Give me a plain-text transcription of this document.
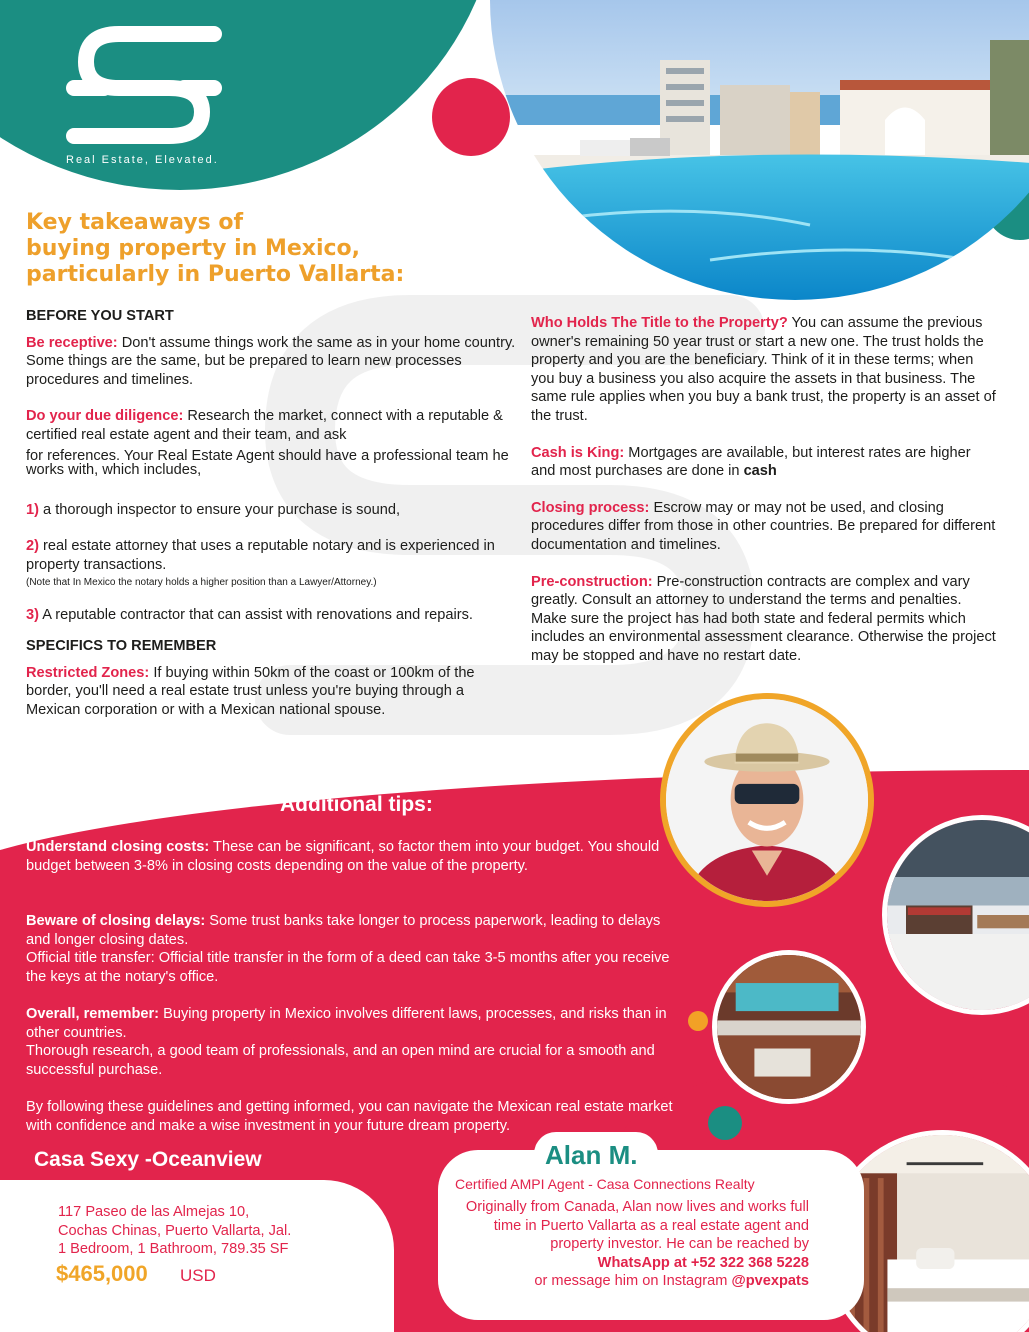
Real Estate, Elevated.
Key takeaways of
buying property in Mexico,
particularly in Puerto Vallarta:
BEFORE YOU START

Be receptive: Don't assume things work the same as in your home country. Some things are the same, but be prepared to learn new processes procedures and timelines.

Do your due diligence: Research the market, connect with a reputable & certified real estate agent and their team, and ask

for references. Your Real Estate Agent should have a professional team he works with, which includes,

1) a thorough inspector to ensure your purchase is sound,

2) real estate attorney that uses a reputable notary and is experienced in property transactions.

(Note that In Mexico the notary holds a higher position than a Lawyer/Attorney.)

3) A reputable contractor that can assist with renovations and repairs.

SPECIFICS TO REMEMBER

Restricted Zones: If buying within 50km of the coast or 100km of the border, you'll need a real estate trust unless you're buying through a Mexican corporation or with a Mexican national spouse.

Who Holds The Title to the Property? You can assume the previous owner's remaining 50 year trust or start a new one. The trust holds the property and you are the beneficiary. Think of it in these terms; when you buy a business you also acquire the assets in that business. The same rule applies when you buy a bank trust, the property is an asset of the trust.

Cash is King: Mortgages are available, but interest rates are higher and most purchases are done in cash

Closing process: Escrow may or may not be used, and closing procedures differ from those in other countries. Be prepared for different documentation and timelines.

Pre-construction: Pre-construction contracts are complex and vary greatly. Consult an attorney to understand the terms and penalties. Make sure the project has had both state and federal permits which includes an environmental assessment clearance. Otherwise the project may be stopped and have no restart date.

Additional tips:
Understand closing costs: These can be significant, so factor them into your budget. You should budget between 3-8% in closing costs depending on the value of the property.
Beware of closing delays: Some trust banks take longer to process paperwork, leading to delays and longer closing dates.
Official title transfer: Official title transfer in the form of a deed can take 3-5 months after you receive the keys at the notary's office.
Overall, remember: Buying property in Mexico involves different laws, processes, and risks than in other countries.
Thorough research, a good team of professionals, and an open mind are crucial for a smooth and successful purchase.
By following these guidelines and getting informed, you can navigate the Mexican real estate market with confidence and make a wise investment in your future dream property.
Casa Sexy -Oceanview
117 Paseo de las Almejas 10,
Cochas Chinas, Puerto Vallarta, Jal.
1 Bedroom, 1 Bathroom, 789.35 SF
$465,000 USD
Alan M.
Certified AMPI Agent - Casa Connections Realty
Originally from Canada, Alan now lives and works full time in Puerto Vallarta as a real estate agent and property investor. He can be reached by
WhatsApp at +52 322 368 5228
or message him on Instagram @pvexpats
